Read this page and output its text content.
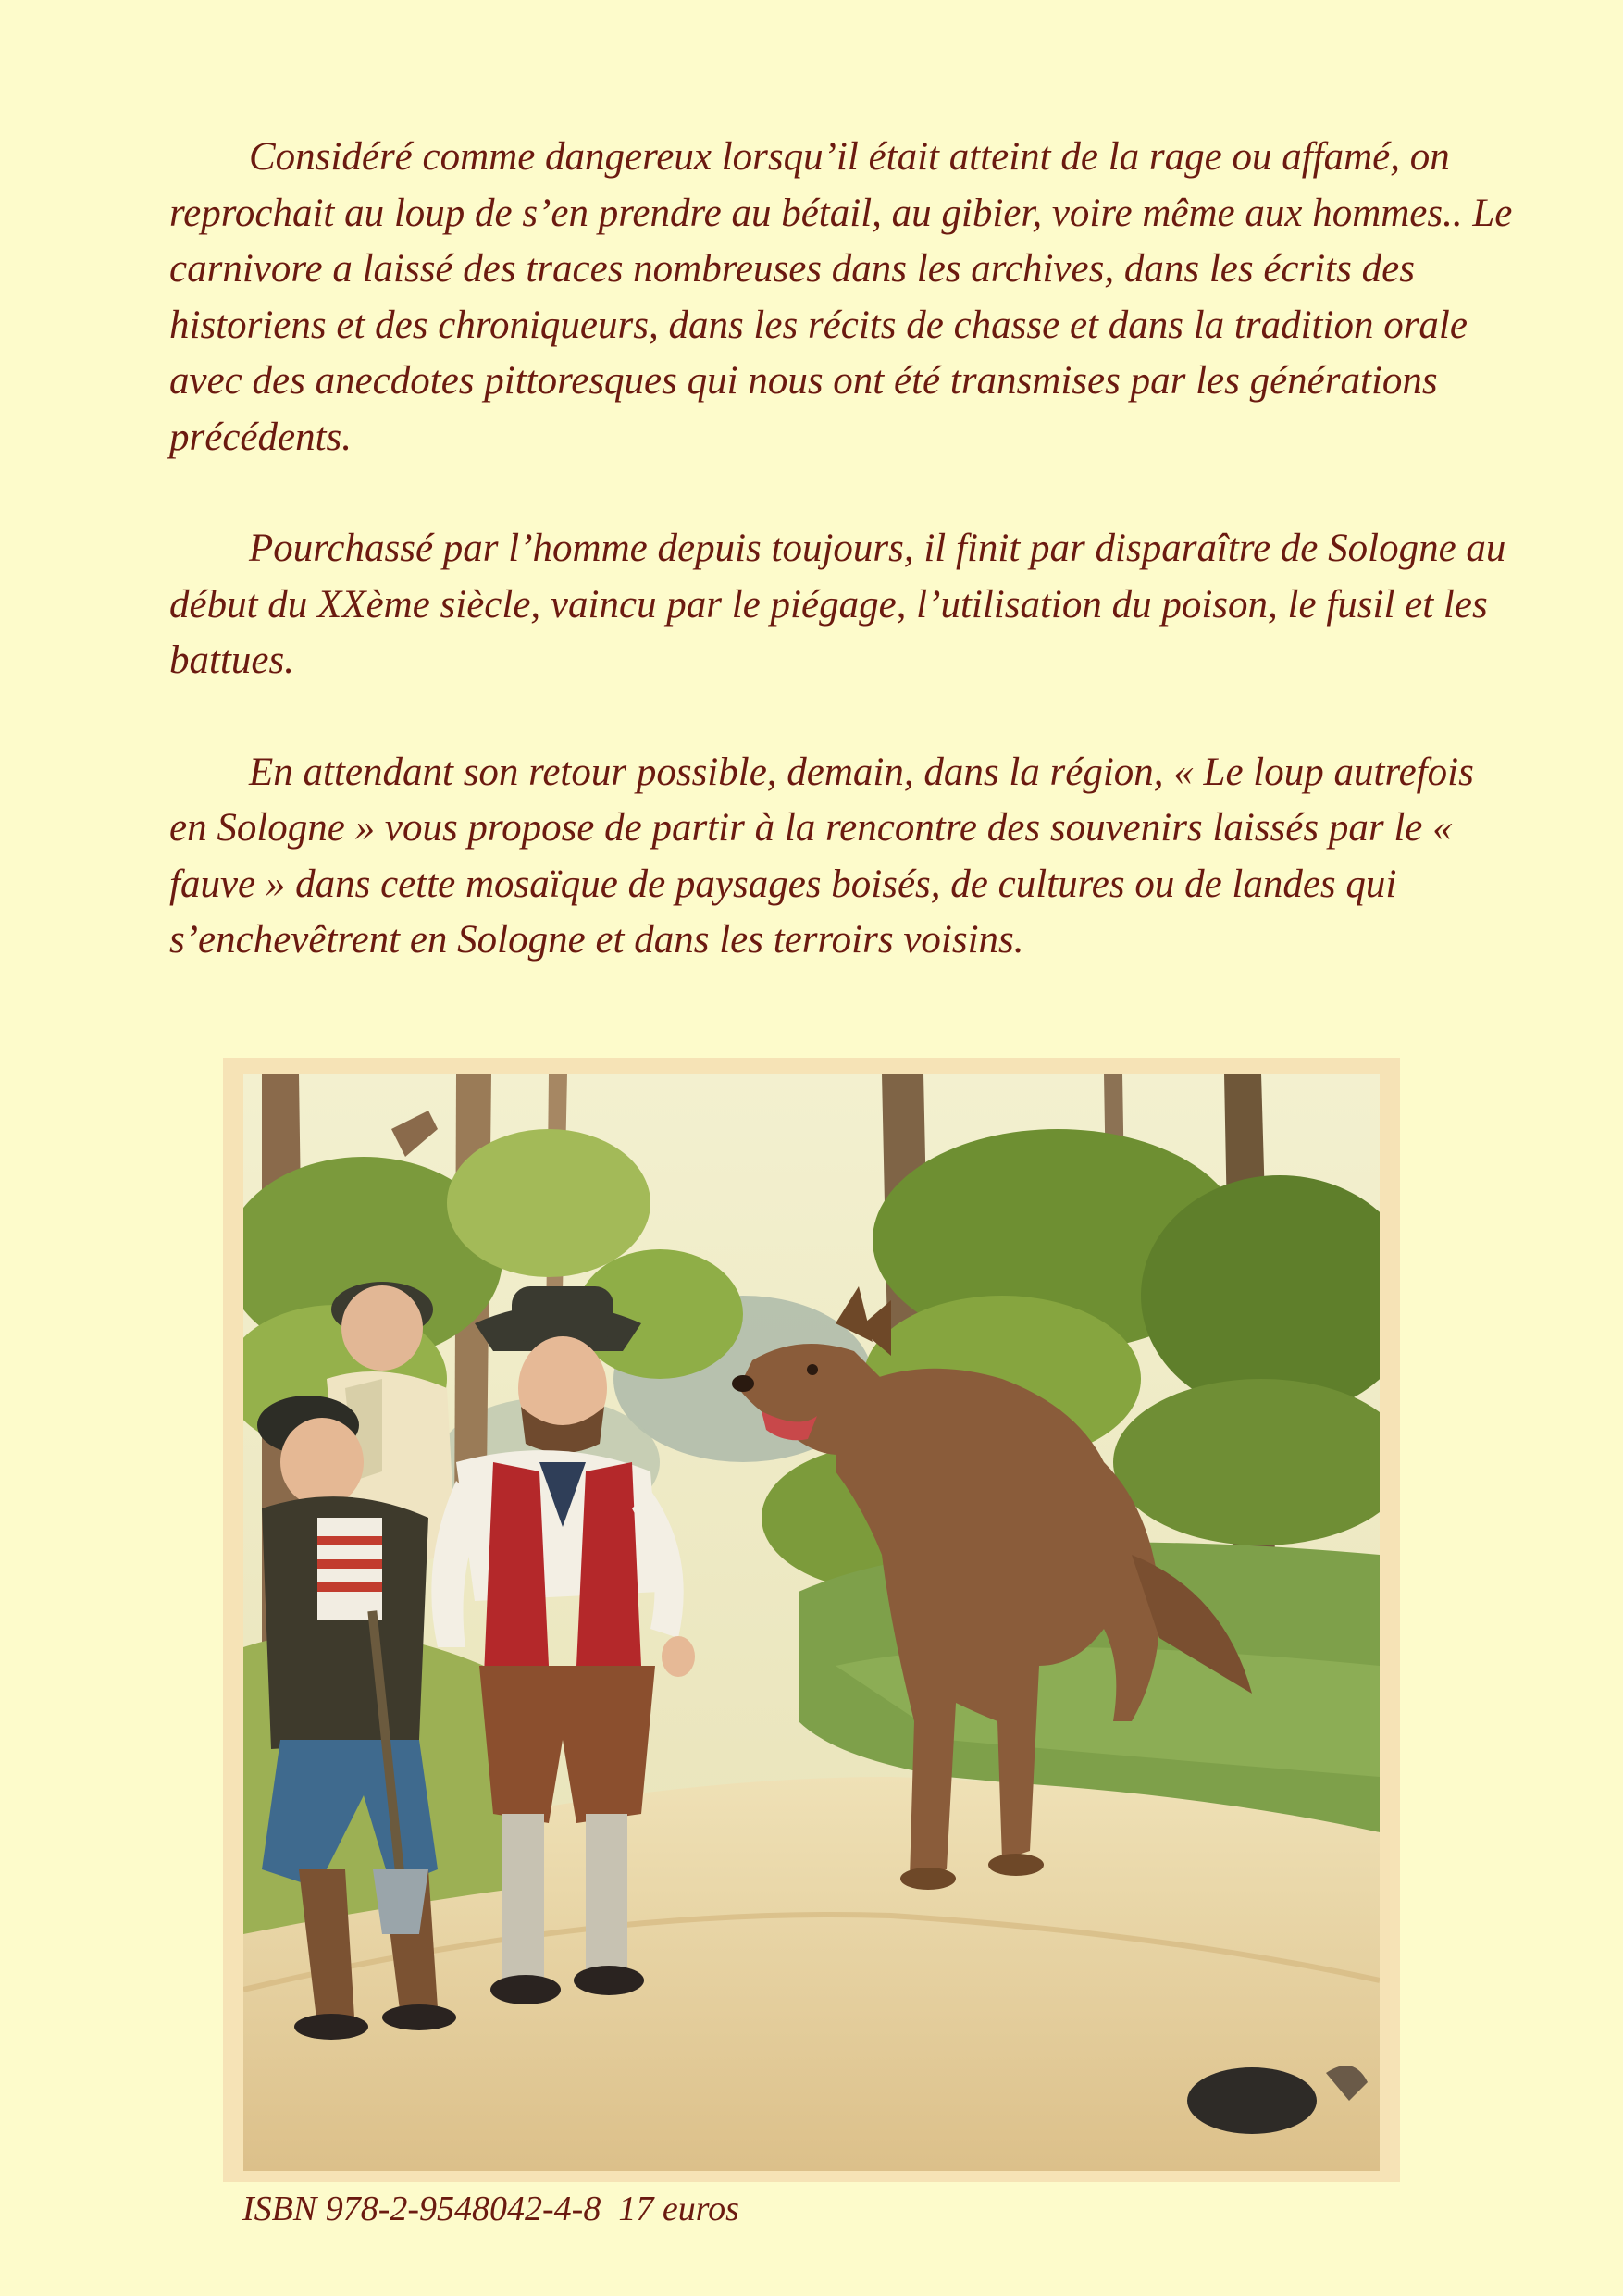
Considéré comme dangereux lorsqu’il était atteint de la rage ou affamé, on reprochait au loup de s’en prendre au bétail, au gibier, voire même aux hommes.. Le carnivore a laissé des traces nombreuses dans les archives, dans les écrits des historiens et des chroniqueurs, dans les récits de chasse et dans la tradition orale avec des anecdotes pittoresques qui nous ont été transmises par les générations précédents.

Pourchassé par l’homme depuis toujours, il finit par disparaître de Sologne au début du XXème siècle, vaincu par le piégage, l’utilisation du poison, le fusil et les battues.

En attendant son retour possible, demain, dans la région, « Le loup autrefois en Sologne » vous propose de partir à la rencontre des souvenirs laissés par le « fauve » dans cette mosaïque de paysages boisés, de cultures ou de landes qui s’enchevêtrent en Sologne et dans les terroirs voisins.

ISBN 978-2-9548042-4-8  17 euros
